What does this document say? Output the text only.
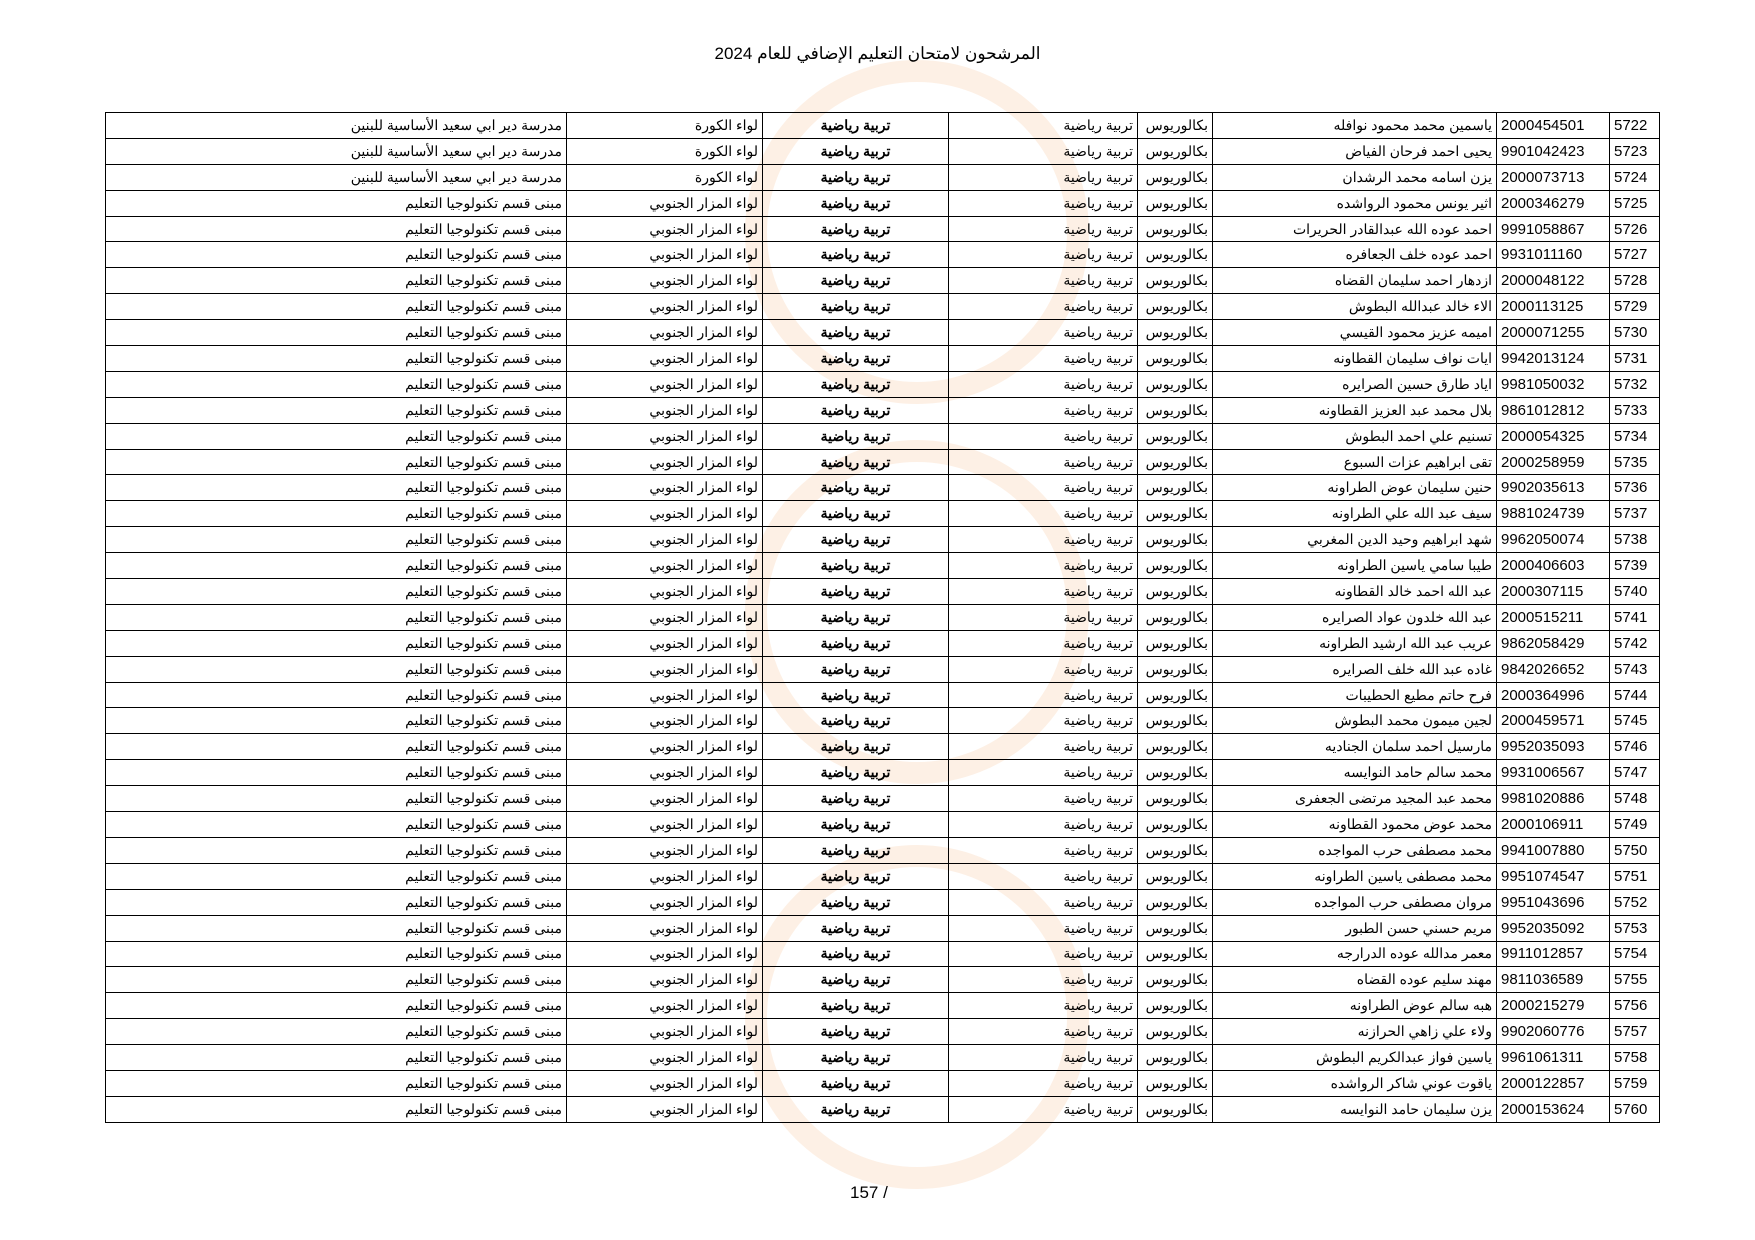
المرشحون لامتحان التعليم الإضافي للعام 2024
5722	2000454501	ياسمين محمد محمود نوافله	بكالوريوس	تربية رياضية	تربية رياضية	لواء الكورة	مدرسة دير ابي سعيد الأساسية للبنين
5723	9901042423	يحيى احمد فرحان الفياض	بكالوريوس	تربية رياضية	تربية رياضية	لواء الكورة	مدرسة دير ابي سعيد الأساسية للبنين
5724	2000073713	يزن اسامه محمد الرشدان	بكالوريوس	تربية رياضية	تربية رياضية	لواء الكورة	مدرسة دير ابي سعيد الأساسية للبنين
5725	2000346279	اثير يونس محمود الرواشده	بكالوريوس	تربية رياضية	تربية رياضية	لواء المزار الجنوبي	مبنى قسم تكنولوجيا التعليم
5726	9991058867	احمد عوده الله عبدالقادر الحريرات	بكالوريوس	تربية رياضية	تربية رياضية	لواء المزار الجنوبي	مبنى قسم تكنولوجيا التعليم
5727	9931011160	احمد عوده خلف الجعافره	بكالوريوس	تربية رياضية	تربية رياضية	لواء المزار الجنوبي	مبنى قسم تكنولوجيا التعليم
5728	2000048122	ازدهار احمد سليمان القضاه	بكالوريوس	تربية رياضية	تربية رياضية	لواء المزار الجنوبي	مبنى قسم تكنولوجيا التعليم
5729	2000113125	الاء خالد عبدالله البطوش	بكالوريوس	تربية رياضية	تربية رياضية	لواء المزار الجنوبي	مبنى قسم تكنولوجيا التعليم
5730	2000071255	اميمه عزيز محمود القيسي	بكالوريوس	تربية رياضية	تربية رياضية	لواء المزار الجنوبي	مبنى قسم تكنولوجيا التعليم
5731	9942013124	ايات نواف سليمان القطاونه	بكالوريوس	تربية رياضية	تربية رياضية	لواء المزار الجنوبي	مبنى قسم تكنولوجيا التعليم
5732	9981050032	اياد طارق حسين الصرايره	بكالوريوس	تربية رياضية	تربية رياضية	لواء المزار الجنوبي	مبنى قسم تكنولوجيا التعليم
5733	9861012812	بلال محمد عبد العزيز القطاونه	بكالوريوس	تربية رياضية	تربية رياضية	لواء المزار الجنوبي	مبنى قسم تكنولوجيا التعليم
5734	2000054325	تسنيم علي احمد البطوش	بكالوريوس	تربية رياضية	تربية رياضية	لواء المزار الجنوبي	مبنى قسم تكنولوجيا التعليم
5735	2000258959	تقى ابراهيم عزات السبوع	بكالوريوس	تربية رياضية	تربية رياضية	لواء المزار الجنوبي	مبنى قسم تكنولوجيا التعليم
5736	9902035613	حنين سليمان عوض الطراونه	بكالوريوس	تربية رياضية	تربية رياضية	لواء المزار الجنوبي	مبنى قسم تكنولوجيا التعليم
5737	9881024739	سيف عبد الله علي الطراونه	بكالوريوس	تربية رياضية	تربية رياضية	لواء المزار الجنوبي	مبنى قسم تكنولوجيا التعليم
5738	9962050074	شهد ابراهيم وحيد الدين المغربي	بكالوريوس	تربية رياضية	تربية رياضية	لواء المزار الجنوبي	مبنى قسم تكنولوجيا التعليم
5739	2000406603	طيبا سامي ياسين الطراونه	بكالوريوس	تربية رياضية	تربية رياضية	لواء المزار الجنوبي	مبنى قسم تكنولوجيا التعليم
5740	2000307115	عبد الله احمد خالد القطاونه	بكالوريوس	تربية رياضية	تربية رياضية	لواء المزار الجنوبي	مبنى قسم تكنولوجيا التعليم
5741	2000515211	عبد الله خلدون عواد الصرايره	بكالوريوس	تربية رياضية	تربية رياضية	لواء المزار الجنوبي	مبنى قسم تكنولوجيا التعليم
5742	9862058429	عريب عبد الله ارشيد الطراونه	بكالوريوس	تربية رياضية	تربية رياضية	لواء المزار الجنوبي	مبنى قسم تكنولوجيا التعليم
5743	9842026652	غاده عبد الله خلف الصرايره	بكالوريوس	تربية رياضية	تربية رياضية	لواء المزار الجنوبي	مبنى قسم تكنولوجيا التعليم
5744	2000364996	فرح حاتم مطيع الحطيبات	بكالوريوس	تربية رياضية	تربية رياضية	لواء المزار الجنوبي	مبنى قسم تكنولوجيا التعليم
5745	2000459571	لجين ميمون محمد البطوش	بكالوريوس	تربية رياضية	تربية رياضية	لواء المزار الجنوبي	مبنى قسم تكنولوجيا التعليم
5746	9952035093	مارسيل احمد سلمان الجناديه	بكالوريوس	تربية رياضية	تربية رياضية	لواء المزار الجنوبي	مبنى قسم تكنولوجيا التعليم
5747	9931006567	محمد سالم حامد النوايسه	بكالوريوس	تربية رياضية	تربية رياضية	لواء المزار الجنوبي	مبنى قسم تكنولوجيا التعليم
5748	9981020886	محمد عبد المجيد مرتضى الجعفرى	بكالوريوس	تربية رياضية	تربية رياضية	لواء المزار الجنوبي	مبنى قسم تكنولوجيا التعليم
5749	2000106911	محمد عوض محمود القطاونه	بكالوريوس	تربية رياضية	تربية رياضية	لواء المزار الجنوبي	مبنى قسم تكنولوجيا التعليم
5750	9941007880	محمد مصطفى حرب المواجده	بكالوريوس	تربية رياضية	تربية رياضية	لواء المزار الجنوبي	مبنى قسم تكنولوجيا التعليم
5751	9951074547	محمد مصطفى ياسين الطراونه	بكالوريوس	تربية رياضية	تربية رياضية	لواء المزار الجنوبي	مبنى قسم تكنولوجيا التعليم
5752	9951043696	مروان مصطفى حرب المواجده	بكالوريوس	تربية رياضية	تربية رياضية	لواء المزار الجنوبي	مبنى قسم تكنولوجيا التعليم
5753	9952035092	مريم حسني حسن الطبور	بكالوريوس	تربية رياضية	تربية رياضية	لواء المزار الجنوبي	مبنى قسم تكنولوجيا التعليم
5754	9911012857	معمر مدالله عوده الدرارجه	بكالوريوس	تربية رياضية	تربية رياضية	لواء المزار الجنوبي	مبنى قسم تكنولوجيا التعليم
5755	9811036589	مهند سليم عوده القضاه	بكالوريوس	تربية رياضية	تربية رياضية	لواء المزار الجنوبي	مبنى قسم تكنولوجيا التعليم
5756	2000215279	هبه سالم عوض الطراونه	بكالوريوس	تربية رياضية	تربية رياضية	لواء المزار الجنوبي	مبنى قسم تكنولوجيا التعليم
5757	9902060776	ولاء علي زاهي الحرازنه	بكالوريوس	تربية رياضية	تربية رياضية	لواء المزار الجنوبي	مبنى قسم تكنولوجيا التعليم
5758	9961061311	ياسين فواز عبدالكريم البطوش	بكالوريوس	تربية رياضية	تربية رياضية	لواء المزار الجنوبي	مبنى قسم تكنولوجيا التعليم
5759	2000122857	ياقوت عوني شاكر الرواشده	بكالوريوس	تربية رياضية	تربية رياضية	لواء المزار الجنوبي	مبنى قسم تكنولوجيا التعليم
5760	2000153624	يزن سليمان حامد النوايسه	بكالوريوس	تربية رياضية	تربية رياضية	لواء المزار الجنوبي	مبنى قسم تكنولوجيا التعليم
157 /
